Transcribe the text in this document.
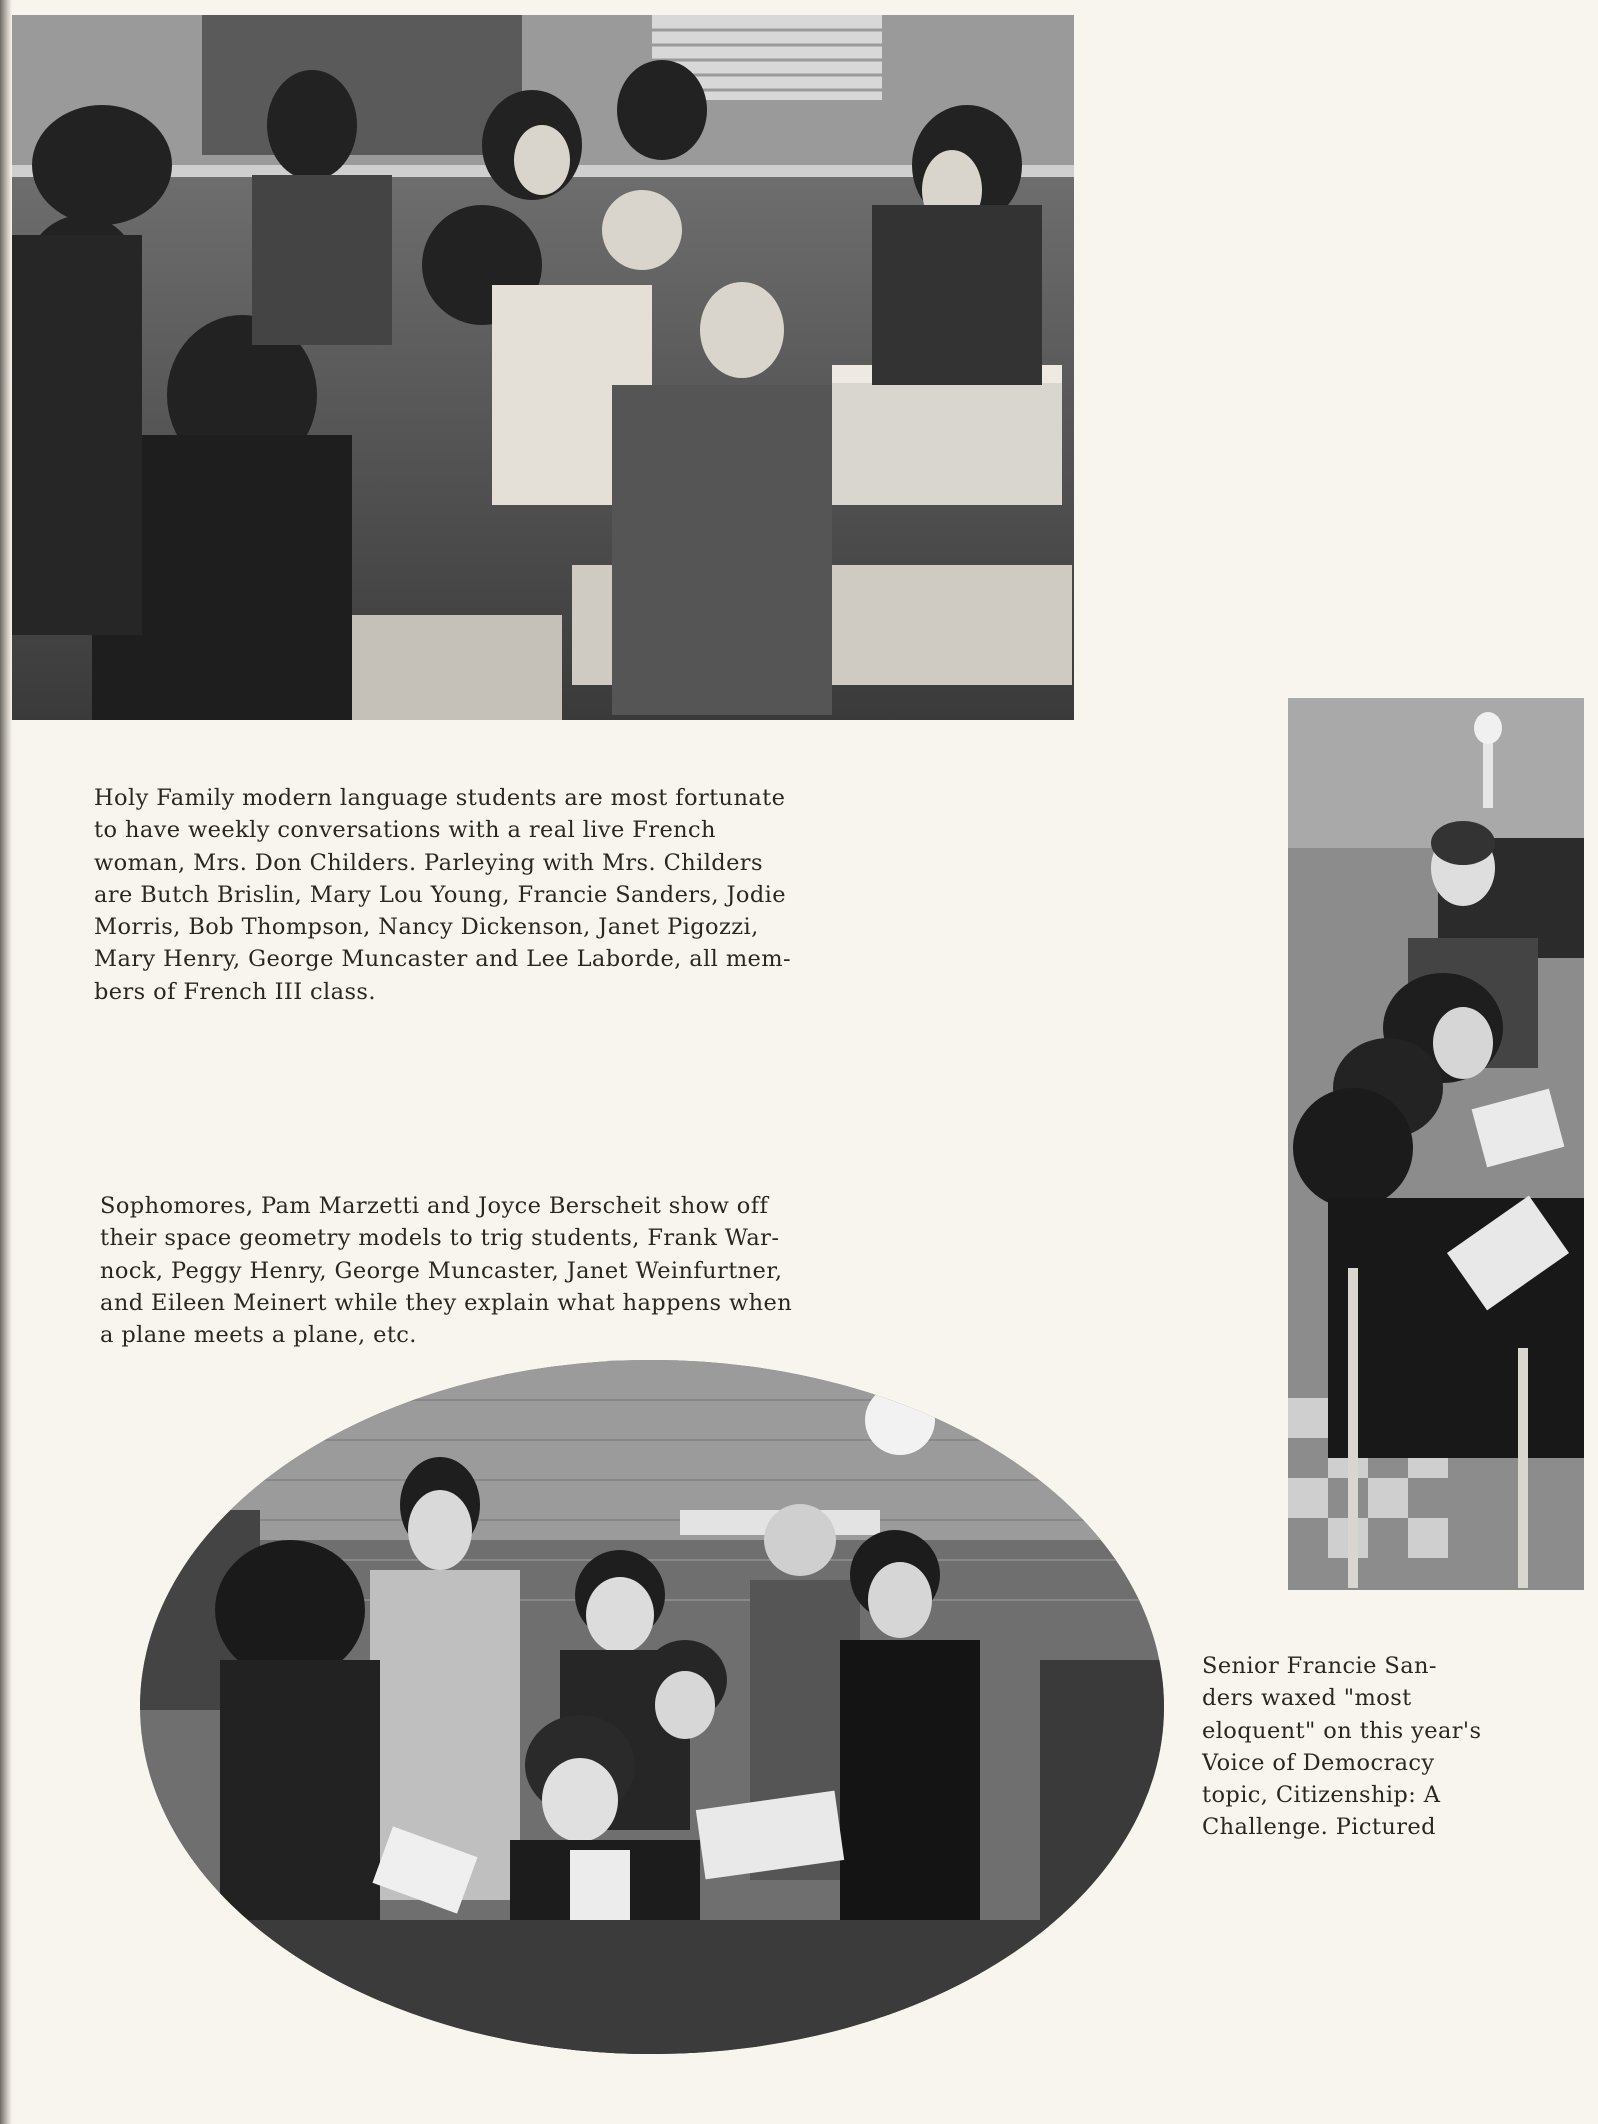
Holy Family modern language students are most fortunate
to have weekly conversations with a real live French
woman, Mrs. Don Childers. Parleying with Mrs. Childers
are Butch Brislin, Mary Lou Young, Francie Sanders, Jodie
Morris, Bob Thompson, Nancy Dickenson, Janet Pigozzi,
Mary Henry, George Muncaster and Lee Laborde, all mem-
bers of French III class.
Sophomores, Pam Marzetti and Joyce Berscheit show off
their space geometry models to trig students, Frank War-
nock, Peggy Henry, George Muncaster, Janet Weinfurtner,
and Eileen Meinert while they explain what happens when
a plane meets a plane, etc.
Senior Francie San-
ders waxed "most
eloquent" on this year's
Voice of Democracy
topic, Citizenship: A
Challenge. Pictured
